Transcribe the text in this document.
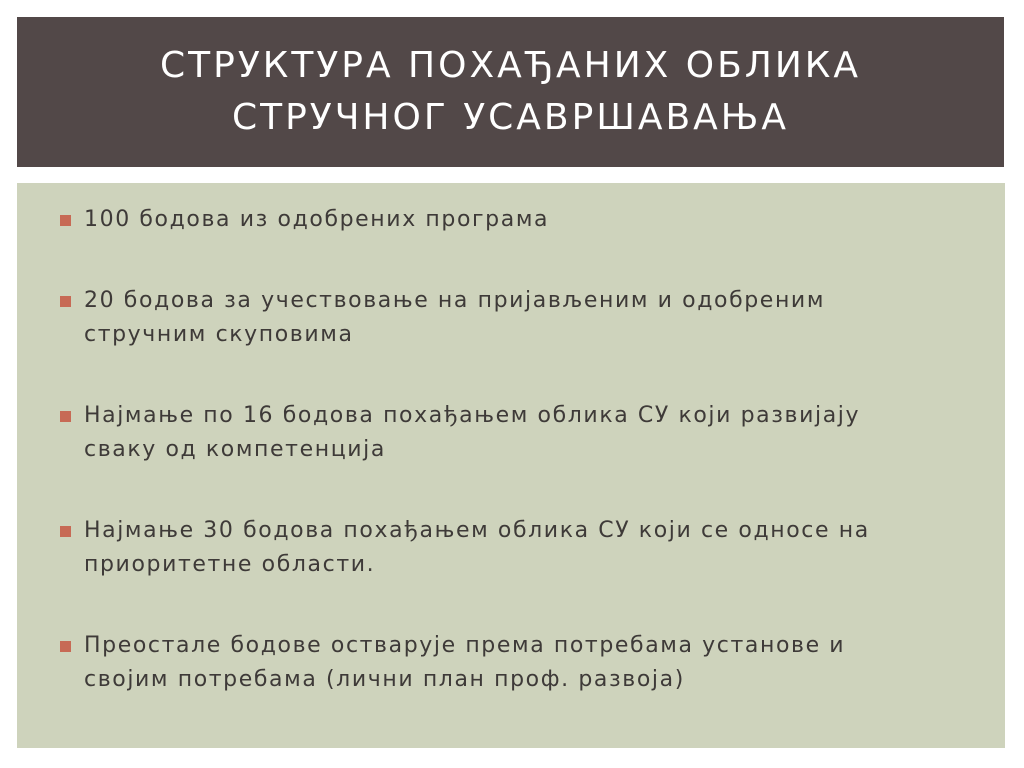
СТРУКТУРА ПОХАЂАНИХ ОБЛИКА
СТРУЧНОГ УСАВРШАВАЊА
100 бодова из одобрених програма
20 бодова за учествовање на пријављеним и одобреним
стручним скуповима
Најмање по 16 бодова похађањем облика СУ који развијају
сваку од компетенција
Најмање 30 бодова похађањем облика СУ који се односе на
приоритетне области.
Преостале бодове остварује према потребама установе и
својим потребама (лични план проф. развоја)
